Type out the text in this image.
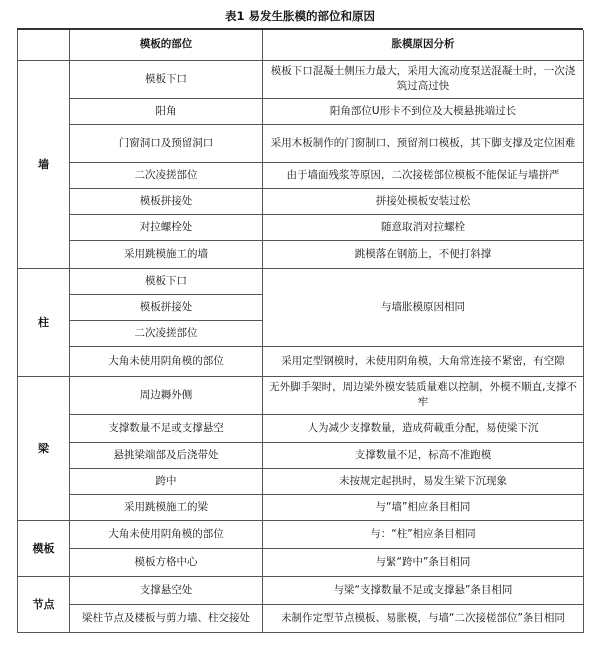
表1 易发生胀模的部位和原因
	模板的部位	胀模原因分析
墙	模板下口	模板下口混凝土侧压力最大，采用大流动度泵送混凝土时，一次浇筑过高过快
	阳角	阳角部位U形卡不到位及大模悬挑端过长
	门窗洞口及预留洞口	采用木板制作的门窗制口、预留剂口模板，其下脚支撑及定位困难
	二次凌搓部位	由于墙面残浆等原因，二次接槎部位模板不能保证与墙拼严
	模板拼接处	拼接处模板安装过松
	对拉螺栓处	随意取消对拉螺栓
	采用跳模施工的墙	跳模落在钢筋上，不便打斜撑
柱	模板下口	与墙胀模原因相同
	模板拼接处	
	二次凌搓部位	
	大角未使用阴角模的部位	采用定型钢模时，未使用阴角模，大角常连接不紧密，有空隙
梁	周边耨外侧	无外脚手架时，周边梁外模安装质量难以控制，外模不顺直,支撑不牢
	支撑数量不足或支撑悬空	人为减少支撑数量，造成荷載重分配，易使梁下沉
	悬挑梁端部及后浇带处	支撑数量不足，标高不准跑模
	跨中	未按规定起拱时，易发生梁下沉现象
	采用跳模施工的梁	与“墙”相应条目相同
模板	大角未使用阴角模的部位	与：“柱”相应条目相同
	模板方格中心	与緊“跨中”条目相同
节点	支撑悬空处	与梁“支撑数量不足或支撑悬”条目相同
	梁柱节点及楼板与剪力墙、柱交接处	未制作定型节点模板、易胀模，与墙“二次接槎部位”条目相同
